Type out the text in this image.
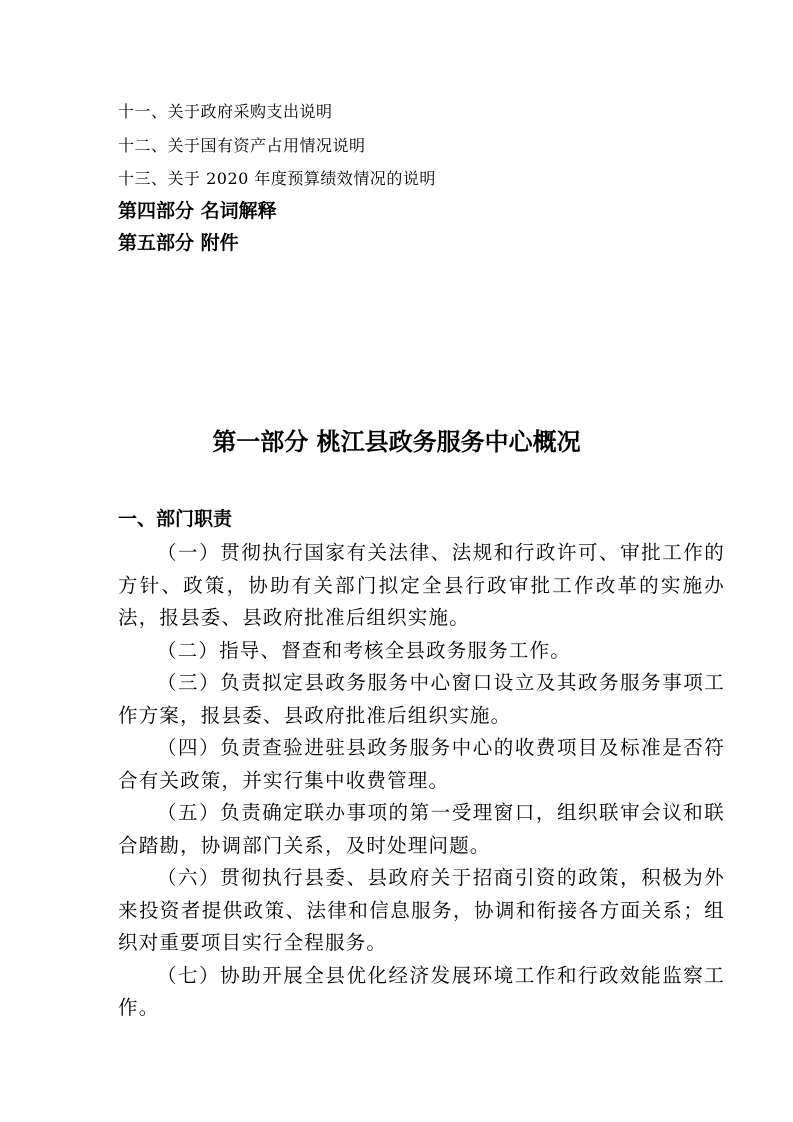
十一、关于政府采购支出说明
十二、关于国有资产占用情况说明
十三、关于 2020 年度预算绩效情况的说明
第四部分 名词解释
第五部分 附件
第一部分 桃江县政务服务中心概况
一、部门职责

（一）贯彻执行国家有关法律、法规和行政许可、审批工作的方针、政策，协助有关部门拟定全县行政审批工作改革的实施办法，报县委、县政府批准后组织实施。

（二）指导、督查和考核全县政务服务工作。

（三）负责拟定县政务服务中心窗口设立及其政务服务事项工作方案，报县委、县政府批准后组织实施。

（四）负责查验进驻县政务服务中心的收费项目及标准是否符合有关政策，并实行集中收费管理。

（五）负责确定联办事项的第一受理窗口，组织联审会议和联合踏勘，协调部门关系，及时处理问题。

（六）贯彻执行县委、县政府关于招商引资的政策，积极为外来投资者提供政策、法律和信息服务，协调和衔接各方面关系；组织对重要项目实行全程服务。

（七）协助开展全县优化经济发展环境工作和行政效能监察工作。
